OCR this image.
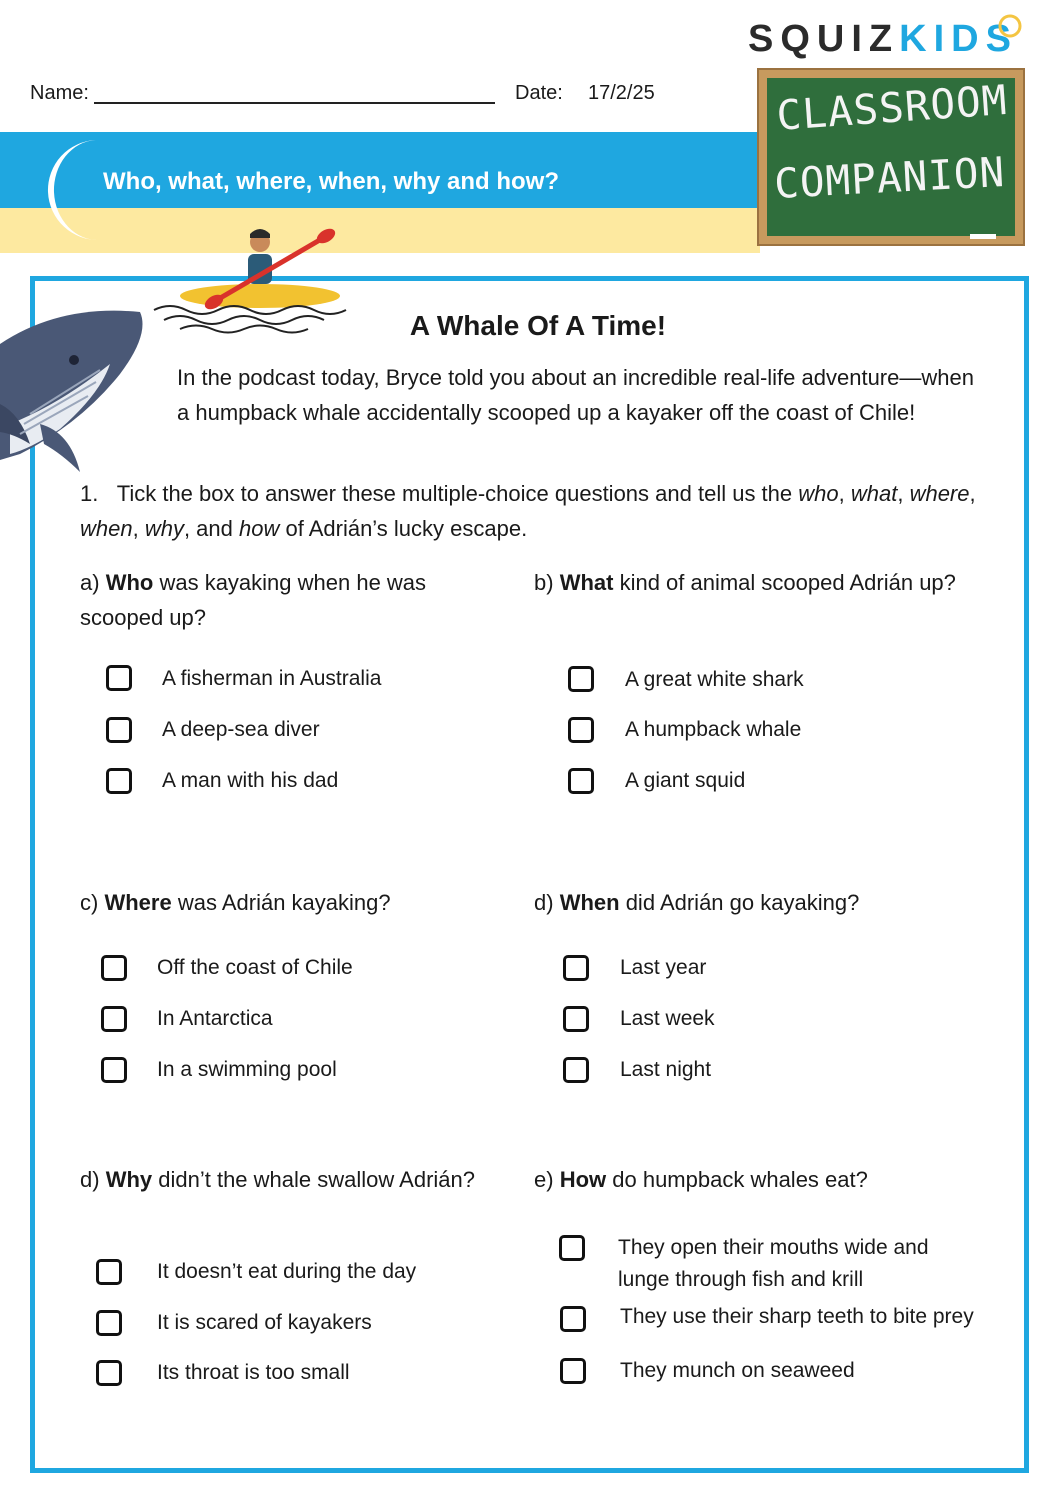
SQUIZKIDS
Name:	Date: 17/2/25
Who, what, where, when, why and how?
CLASSROOM
COMPANION
A Whale Of A Time!
In the podcast today, Bryce told you about an incredible real-life adventure—when a humpback whale accidentally scooped up a kayaker off the coast of Chile!
1. Tick the box to answer these multiple-choice questions and tell us the who, what, where, when, why, and how of Adrián’s lucky escape.
a) Who was kayaking when he was scooped up?
A fisherman in Australia
A deep-sea diver
A man with his dad
b) What kind of animal scooped Adrián up?
A great white shark
A humpback whale
A giant squid
c) Where was Adrián kayaking?
Off the coast of Chile
In Antarctica
In a swimming pool
d) When did Adrián go kayaking?
Last year
Last week
Last night
d) Why didn’t the whale swallow Adrián?
It doesn’t eat during the day
It is scared of kayakers
Its throat is too small
e) How do humpback whales eat?
They open their mouths wide and lunge through fish and krill
They use their sharp teeth to bite prey
They munch on seaweed
